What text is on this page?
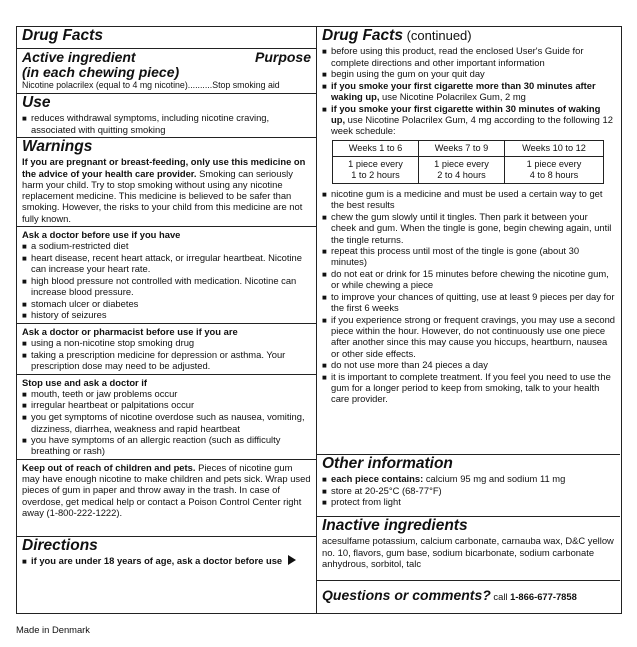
Drug Facts
Active ingredient	Purpose
(in each chewing piece)
Nicotine polacrilex (equal to 4 mg nicotine)..........Stop smoking aid
Use
■ reduces withdrawal symptoms, including nicotine craving, associated with quitting smoking
Warnings
If you are pregnant or breast-feeding, only use this medicine on the advice of your health care provider. Smoking can seriously harm your child. Try to stop smoking without using any nicotine replacement medicine. This medicine is believed to be safer than smoking. However, the risks to your child from this medicine are not fully known.
Ask a doctor before use if you have
■ a sodium-restricted diet
■ heart disease, recent heart attack, or irregular heartbeat. Nicotine can increase your heart rate.
■ high blood pressure not controlled with medication. Nicotine can increase blood pressure.
■ stomach ulcer or diabetes
■ history of seizures
Ask a doctor or pharmacist before use if you are
■ using a non-nicotine stop smoking drug
■ taking a prescription medicine for depression or asthma. Your prescription dose may need to be adjusted.
Stop use and ask a doctor if
■ mouth, teeth or jaw problems occur
■ irregular heartbeat or palpitations occur
■ you get symptoms of nicotine overdose such as nausea, vomiting, dizziness, diarrhea, weakness and rapid heartbeat
■ you have symptoms of an allergic reaction (such as difficulty breathing or rash)
Keep out of reach of children and pets. Pieces of nicotine gum may have enough nicotine to make children and pets sick. Wrap used pieces of gum in paper and throw away in the trash. In case of overdose, get medical help or contact a Poison Control Center right away (1-800-222-1222).
Directions
■ if you are under 18 years of age, ask a doctor before use
Drug Facts (continued)
■ before using this product, read the enclosed User's Guide for complete directions and other important information
■ begin using the gum on your quit day
■ if you smoke your first cigarette more than 30 minutes after waking up, use Nicotine Polacrilex Gum, 2 mg
■ if you smoke your first cigarette within 30 minutes of waking up, use Nicotine Polacrilex Gum, 4 mg according to the following 12 week schedule:
Weeks 1 to 6	Weeks 7 to 9	Weeks 10 to 12
1 piece every
1 to 2 hours	1 piece every
2 to 4 hours	1 piece every
4 to 8 hours
■ nicotine gum is a medicine and must be used a certain way to get the best results
■ chew the gum slowly until it tingles. Then park it between your cheek and gum. When the tingle is gone, begin chewing again, until the tingle returns.
■ repeat this process until most of the tingle is gone (about 30 minutes)
■ do not eat or drink for 15 minutes before chewing the nicotine gum, or while chewing a piece
■ to improve your chances of quitting, use at least 9 pieces per day for the first 6 weeks
■ if you experience strong or frequent cravings, you may use a second piece within the hour. However, do not continuously use one piece after another since this may cause you hiccups, heartburn, nausea or other side effects.
■ do not use more than 24 pieces a day
■ it is important to complete treatment. If you feel you need to use the gum for a longer period to keep from smoking, talk to your health care provider.
Other information
■ each piece contains: calcium 95 mg and sodium 11 mg
■ store at 20-25°C (68-77°F)
■ protect from light
Inactive ingredients
acesulfame potassium, calcium carbonate, carnauba wax, D&C yellow no. 10, flavors, gum base, sodium bicarbonate, sodium carbonate anhydrous, sorbitol, talc
Questions or comments? call 1-866-677-7858
Made in Denmark
